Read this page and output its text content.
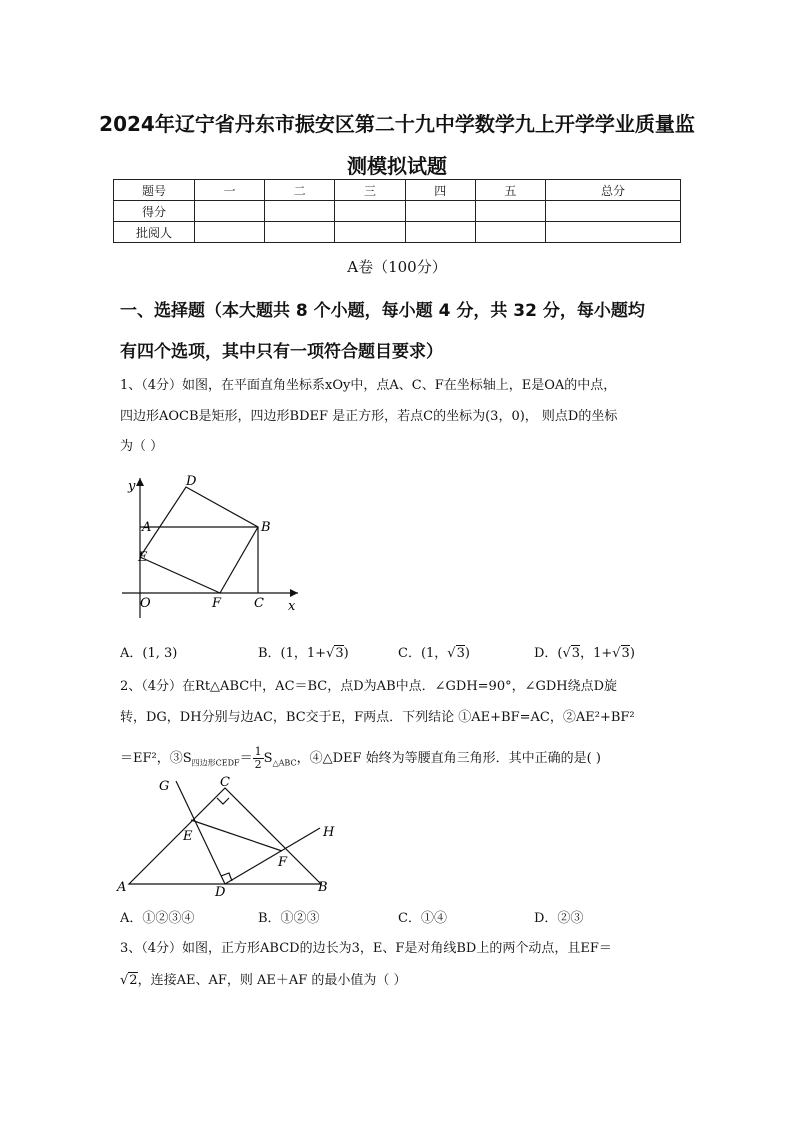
2024年辽宁省丹东市振安区第二十九中学数学九上开学学业质量监
测模拟试题
题号	一	二	三	四	五	总分
得分						
批阅人						
A卷（100分）
一、选择题（本大题共 8 个小题，每小题 4 分，共 32 分，每小题均
有四个选项，其中只有一项符合题目要求）
1、（4分）如图，在平面直角坐标系xOy中，点A、C、F在坐标轴上，E是OA的中点，
四边形AOCB是矩形，四边形BDEF 是正方形，若点C的坐标为(3，0)， 则点D的坐标
为（ ）
y
x
O
A	B
C
D
E
F
A．(1, 3)	B．(1，1+√3)	C．(1，√3)	D．(√3，1+√3)
2、（4分）在Rt△ABC中，AC＝BC，点D为AB中点．∠GDH=90°，∠GDH绕点D旋
转，DG，DH分别与边AC，BC交于E，F两点．下列结论 ①AE+BF=AC，②AE²+BF²
＝EF²，$③S_{四边形CEDF}= \frac{1}{2} S_{\triangle ABC}$，④△DEF 始终为等腰直角三角形．其中正确的是( )
A	B
C
D
E
F
G
H
A．①②③④	B．①②③	C．①④	D．②③
3、（4分）如图，正方形ABCD的边长为3，E、F是对角线BD上的两个动点，且EF＝
√2，连接AE、AF，则 AE＋AF 的最小值为（ ）
